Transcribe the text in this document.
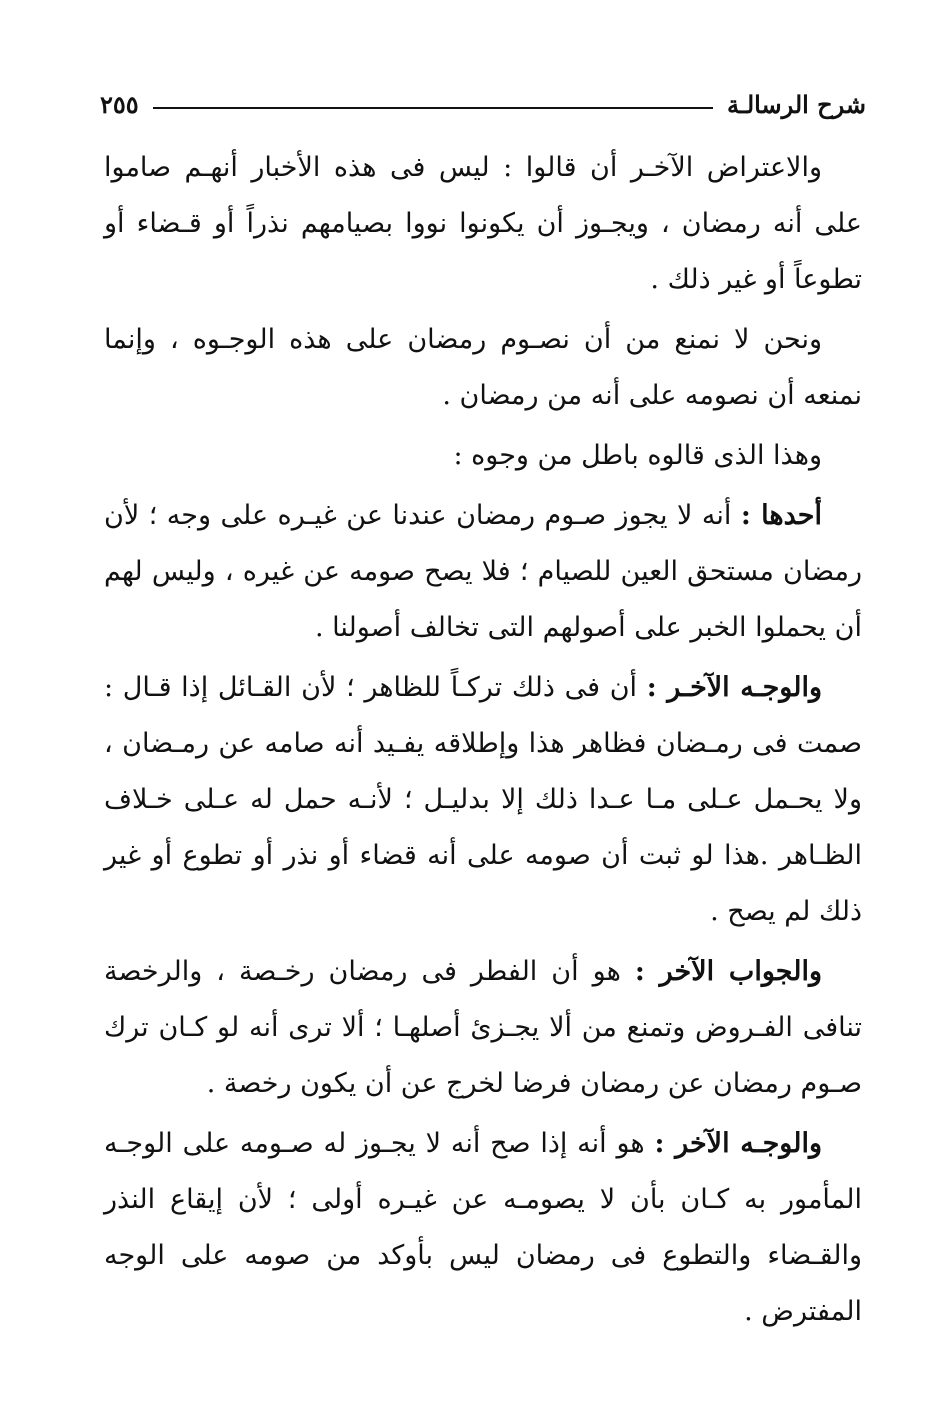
شرح الرسالـة
٢٥٥

والاعتراض الآخـر أن قالوا : ليس فى هذه الأخبار أنهـم صاموا على أنه رمضان ، ويجـوز أن يكونوا نووا بصيامهم نذراً أو قـضاء أو تطوعاً أو غير ذلك .

ونحن لا نمنع من أن نصـوم رمضان على هذه الوجـوه ، وإنما نمنعه أن نصومه على أنه من رمضان .

وهذا الذى قالوه باطل من وجوه :

أحدها : أنه لا يجوز صـوم رمضان عندنا عن غيـره على وجه ؛ لأن رمضان مستحق العين للصيام ؛ فلا يصح صومه عن غيره ، وليس لهم أن يحملوا الخبر على أصولهم التى تخالف أصولنا .

والوجـه الآخـر : أن فى ذلك تركـاً للظاهر ؛ لأن القـائل إذا قـال : صمت فى رمـضان فظاهر هذا وإطلاقه يفـيد أنه صامه عن رمـضان ، ولا يحـمل عـلى مـا عـدا ذلك إلا بدليـل ؛ لأنـه حمل له عـلى خـلاف الظـاهر .هذا لو ثبت أن صومه على أنه قضاء أو نذر أو تطوع أو غير ذلك لم يصح .

والجواب الآخر : هو أن الفطر فى رمضان رخـصة ، والرخصة تنافى الفـروض وتمنع من ألا يجـزئ أصلهـا ؛ ألا ترى أنه لو كـان ترك صـوم رمضان عن رمضان فرضا لخرج عن أن يكون رخصة .

والوجـه الآخر : هو أنه إذا صح أنه لا يجـوز له صـومه على الوجـه المأمور به كـان بأن لا يصومـه عن غيـره أولى ؛ لأن إيقاع النذر والقـضاء والتطوع فى رمضان ليس بأوكد من صومه على الوجه المفترض .
